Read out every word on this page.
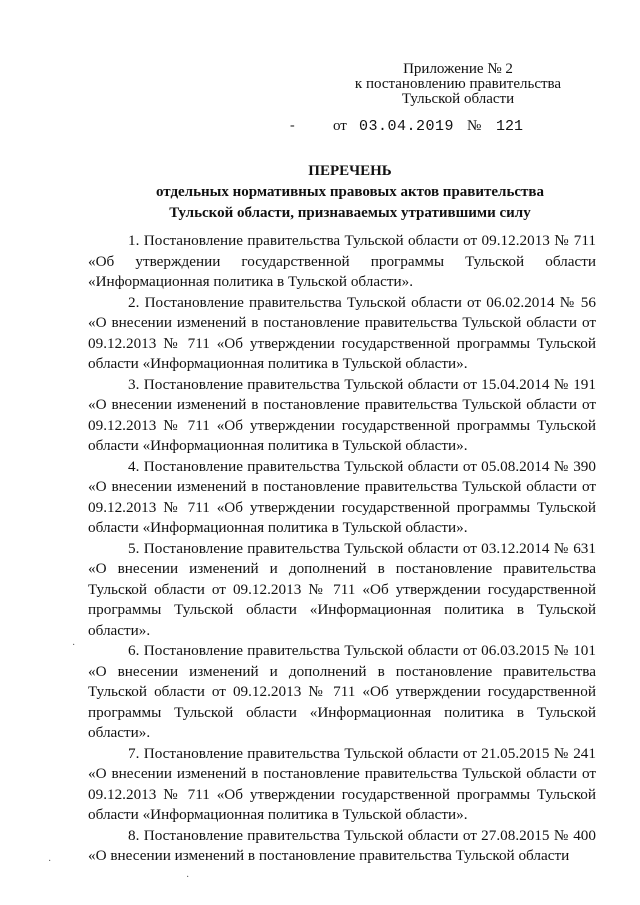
Приложение № 2
к постановлению правительства
Тульской области
-	от 03.04.2019 № 121
ПЕРЕЧЕНЬ
отдельных нормативных правовых актов правительства
Тульской области, признаваемых утратившими силу

1. Постановление правительства Тульской области от 09.12.2013 № 711 «Об утверждении государственной программы Тульской области «Информационная политика в Тульской области».

2. Постановление правительства Тульской области от 06.02.2014 № 56 «О внесении изменений в постановление правительства Тульской области от 09.12.2013 № 711 «Об утверждении государственной программы Тульской области «Информационная политика в Тульской области».

3. Постановление правительства Тульской области от 15.04.2014 № 191 «О внесении изменений в постановление правительства Тульской области от 09.12.2013 № 711 «Об утверждении государственной программы Тульской области «Информационная политика в Тульской области».

4. Постановление правительства Тульской области от 05.08.2014 № 390 «О внесении изменений в постановление правительства Тульской области от 09.12.2013 № 711 «Об утверждении государственной программы Тульской области «Информационная политика в Тульской области».

5. Постановление правительства Тульской области от 03.12.2014 № 631 «О внесении изменений и дополнений в постановление правительства Тульской области от 09.12.2013 № 711 «Об утверждении государственной программы Тульской области «Информационная политика в Тульской области».

6. Постановление правительства Тульской области от 06.03.2015 № 101 «О внесении изменений и дополнений в постановление правительства Тульской области от 09.12.2013 № 711 «Об утверждении государственной программы Тульской области «Информационная политика в Тульской области».

7. Постановление правительства Тульской области от 21.05.2015 № 241 «О внесении изменений в постановление правительства Тульской области от 09.12.2013 № 711 «Об утверждении государственной программы Тульской области «Информационная политика в Тульской области».

8. Постановление правительства Тульской области от 27.08.2015 № 400 «О внесении изменений в постановление правительства Тульской области

·
·
·
